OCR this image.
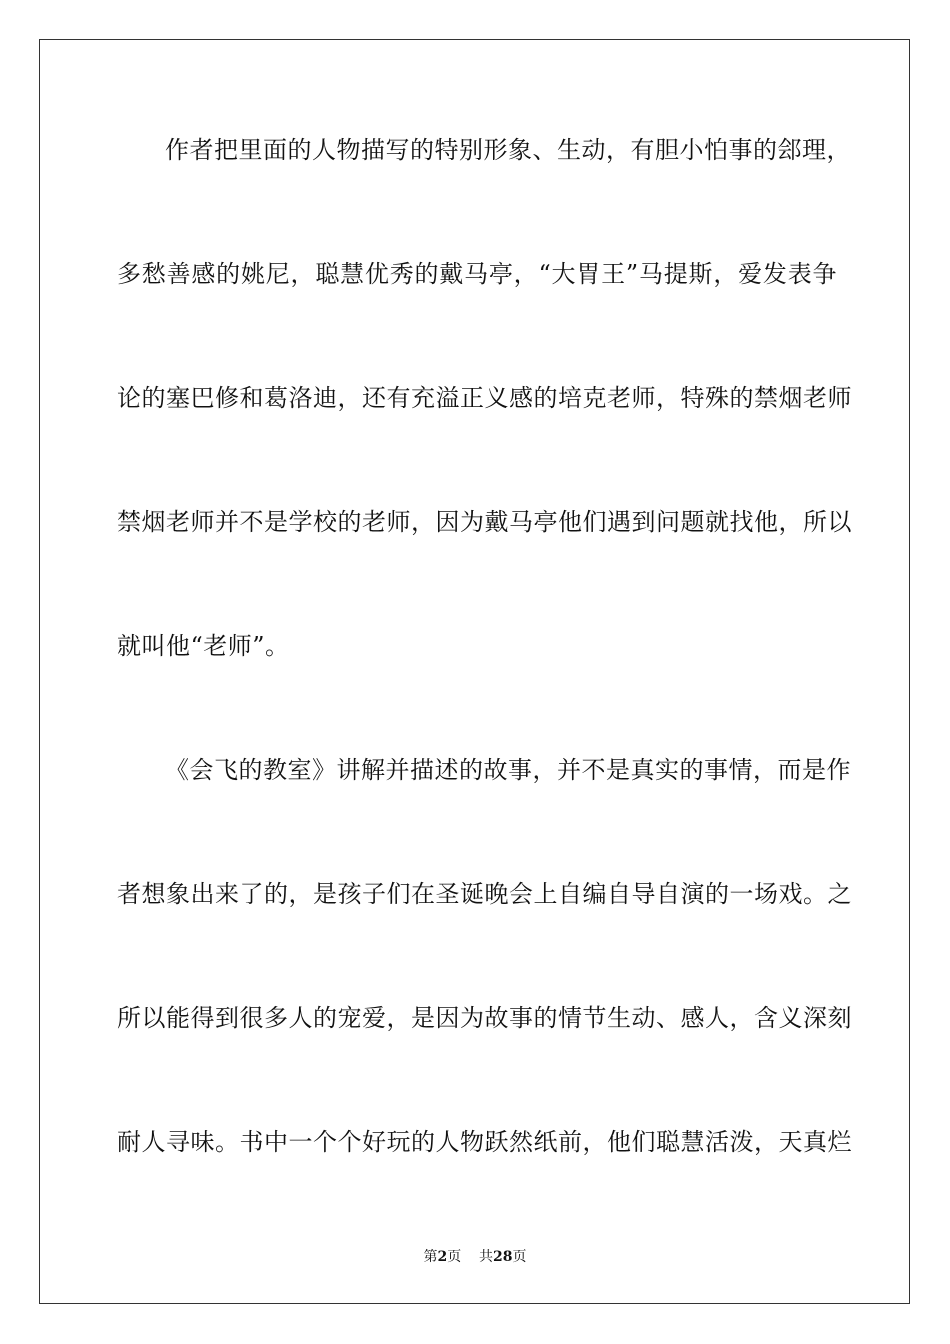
作者把里面的人物描写的特别形象、生动，有胆小怕事的郐理，
多愁善感的姚尼，聪慧优秀的戴马亭，“大胃王”马提斯，爱发表争
论的塞巴修和葛洛迪，还有充溢正义感的培克老师，特殊的禁烟老师
禁烟老师并不是学校的老师，因为戴马亭他们遇到问题就找他，所以
就叫他“老师”。
《会飞的教室》讲解并描述的故事，并不是真实的事情，而是作
者想象出来了的，是孩子们在圣诞晚会上自编自导自演的一场戏。之
所以能得到很多人的宠爱，是因为故事的情节生动、感人，含义深刻
耐人寻味。书中一个个好玩的人物跃然纸前，他们聪慧活泼，天真烂
第2页 共28页
